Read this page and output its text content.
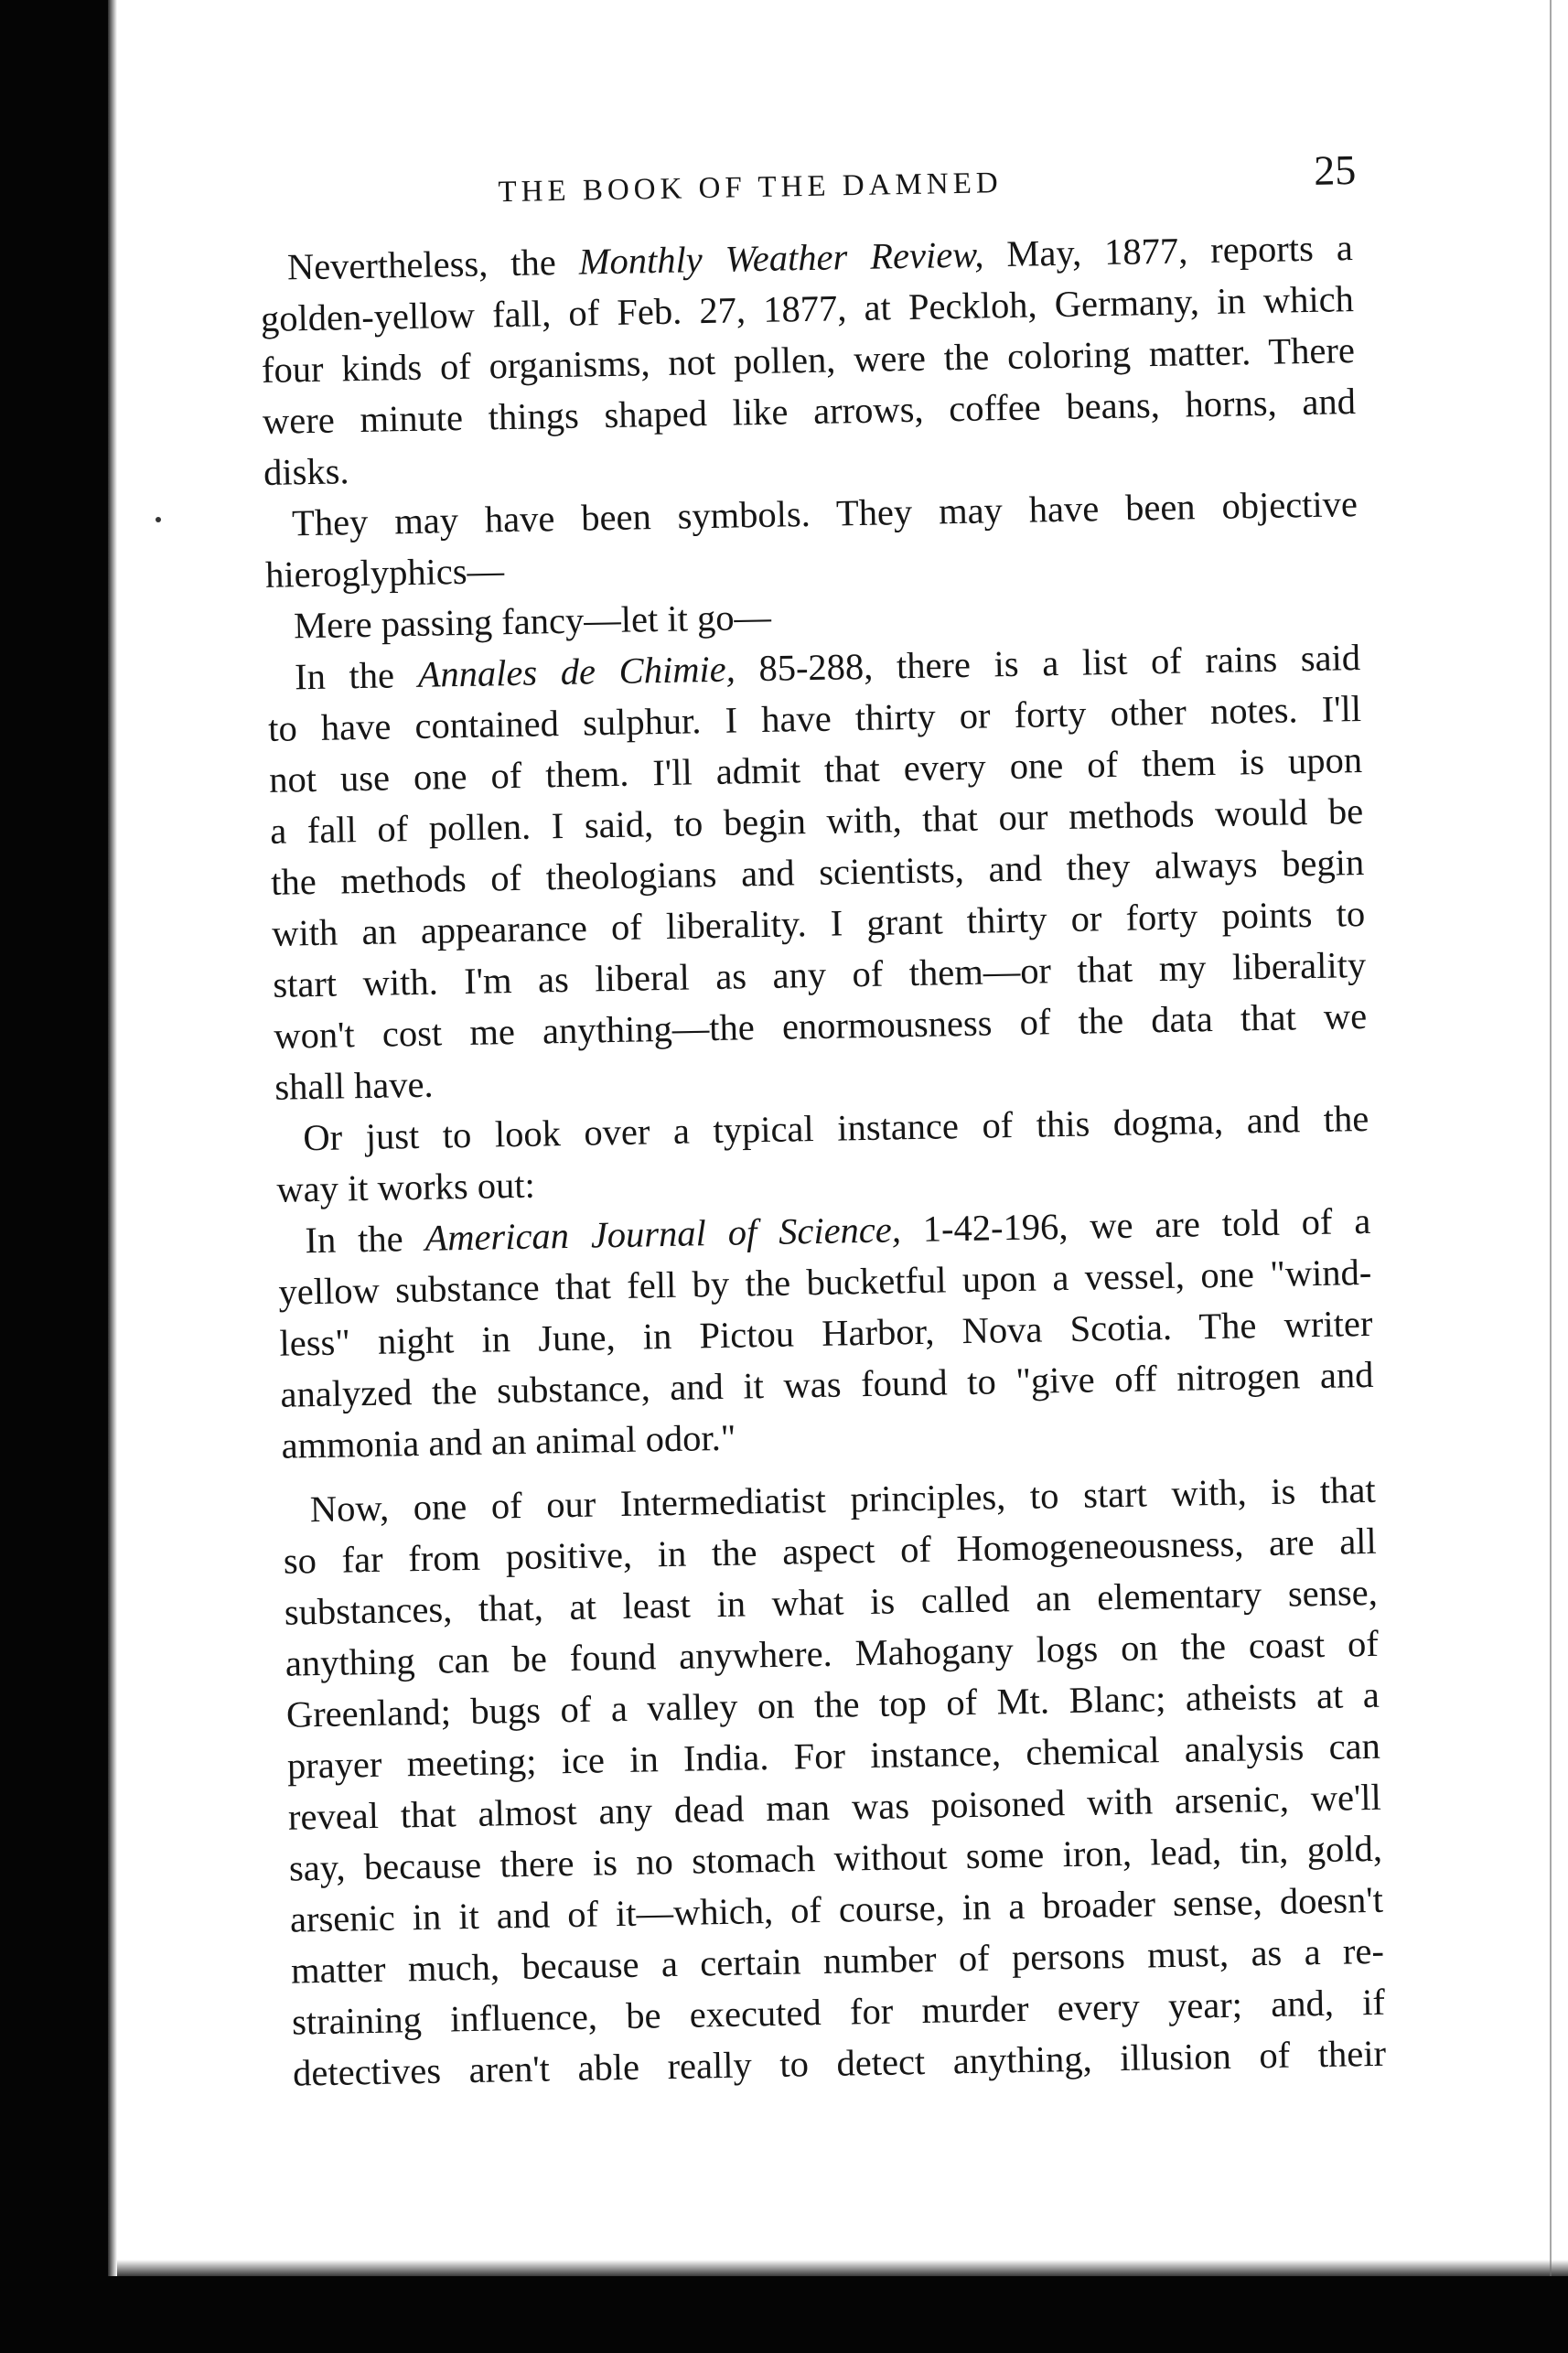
THE BOOK OF THE DAMNED	25
Nevertheless, the Monthly Weather Review, May, 1877, reports a
golden-yellow fall, of Feb. 27, 1877, at Peckloh, Germany, in which
four kinds of organisms, not pollen, were the coloring matter. There
were minute things shaped like arrows, coffee beans, horns, and
disks.
They may have been symbols. They may have been objective
hieroglyphics—
Mere passing fancy—let it go—
In the Annales de Chimie, 85-288, there is a list of rains said
to have contained sulphur. I have thirty or forty other notes. I'll
not use one of them. I'll admit that every one of them is upon
a fall of pollen. I said, to begin with, that our methods would be
the methods of theologians and scientists, and they always begin
with an appearance of liberality. I grant thirty or forty points to
start with. I'm as liberal as any of them—or that my liberality
won't cost me anything—the enormousness of the data that we
shall have.
Or just to look over a typical instance of this dogma, and the
way it works out:
In the American Journal of Science, 1-42-196, we are told of a
yellow substance that fell by the bucketful upon a vessel, one "wind-
less" night in June, in Pictou Harbor, Nova Scotia. The writer
analyzed the substance, and it was found to "give off nitrogen and
ammonia and an animal odor."
Now, one of our Intermediatist principles, to start with, is that
so far from positive, in the aspect of Homogeneousness, are all
substances, that, at least in what is called an elementary sense,
anything can be found anywhere. Mahogany logs on the coast of
Greenland; bugs of a valley on the top of Mt. Blanc; atheists at a
prayer meeting; ice in India. For instance, chemical analysis can
reveal that almost any dead man was poisoned with arsenic, we'll
say, because there is no stomach without some iron, lead, tin, gold,
arsenic in it and of it—which, of course, in a broader sense, doesn't
matter much, because a certain number of persons must, as a re-
straining influence, be executed for murder every year; and, if
detectives aren't able really to detect anything, illusion of their
